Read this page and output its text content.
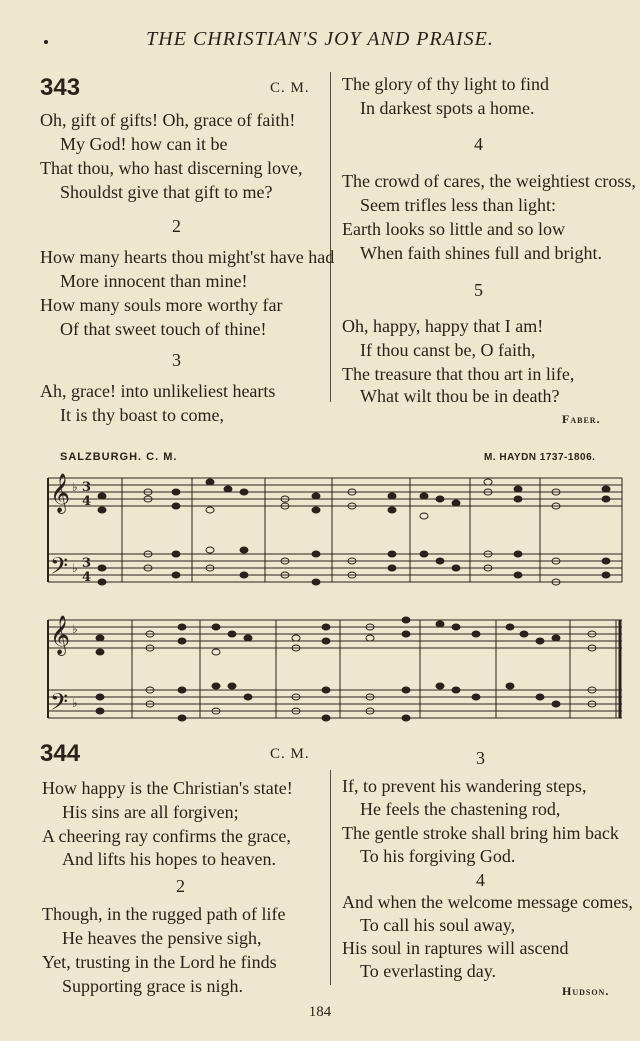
THE CHRISTIAN'S JOY AND PRAISE.
343	C. M.
Oh, gift of gifts! Oh, grace of faith!
My God! how can it be
That thou, who hast discerning love,
Shouldst give that gift to me?
2
How many hearts thou might'st have had
More innocent than mine!
How many souls more worthy far
Of that sweet touch of thine!
3
Ah, grace! into unlikeliest hearts
It is thy boast to come,
The glory of thy light to find
In darkest spots a home.
4
The crowd of cares, the weightiest cross,
Seem trifles less than light:
Earth looks so little and so low
When faith shines full and bright.
5
Oh, happy, happy that I am!
If thou canst be, O faith,
The treasure that thou art in life,
What wilt thou be in death?
Faber.
SALZBURGH. C. M.	M. HAYDN 1737-1806.
𝄞
𝄢
𝄞
𝄢
♭
♭
♭
♭
3
4
3
4
344	C. M.
How happy is the Christian's state!
His sins are all forgiven;
A cheering ray confirms the grace,
And lifts his hopes to heaven.
2
Though, in the rugged path of life
He heaves the pensive sigh,
Yet, trusting in the Lord he finds
Supporting grace is nigh.
3
If, to prevent his wandering steps,
He feels the chastening rod,
The gentle stroke shall bring him back
To his forgiving God.
4
And when the welcome message comes,
To call his soul away,
His soul in raptures will ascend
To everlasting day.
Hudson.
184
